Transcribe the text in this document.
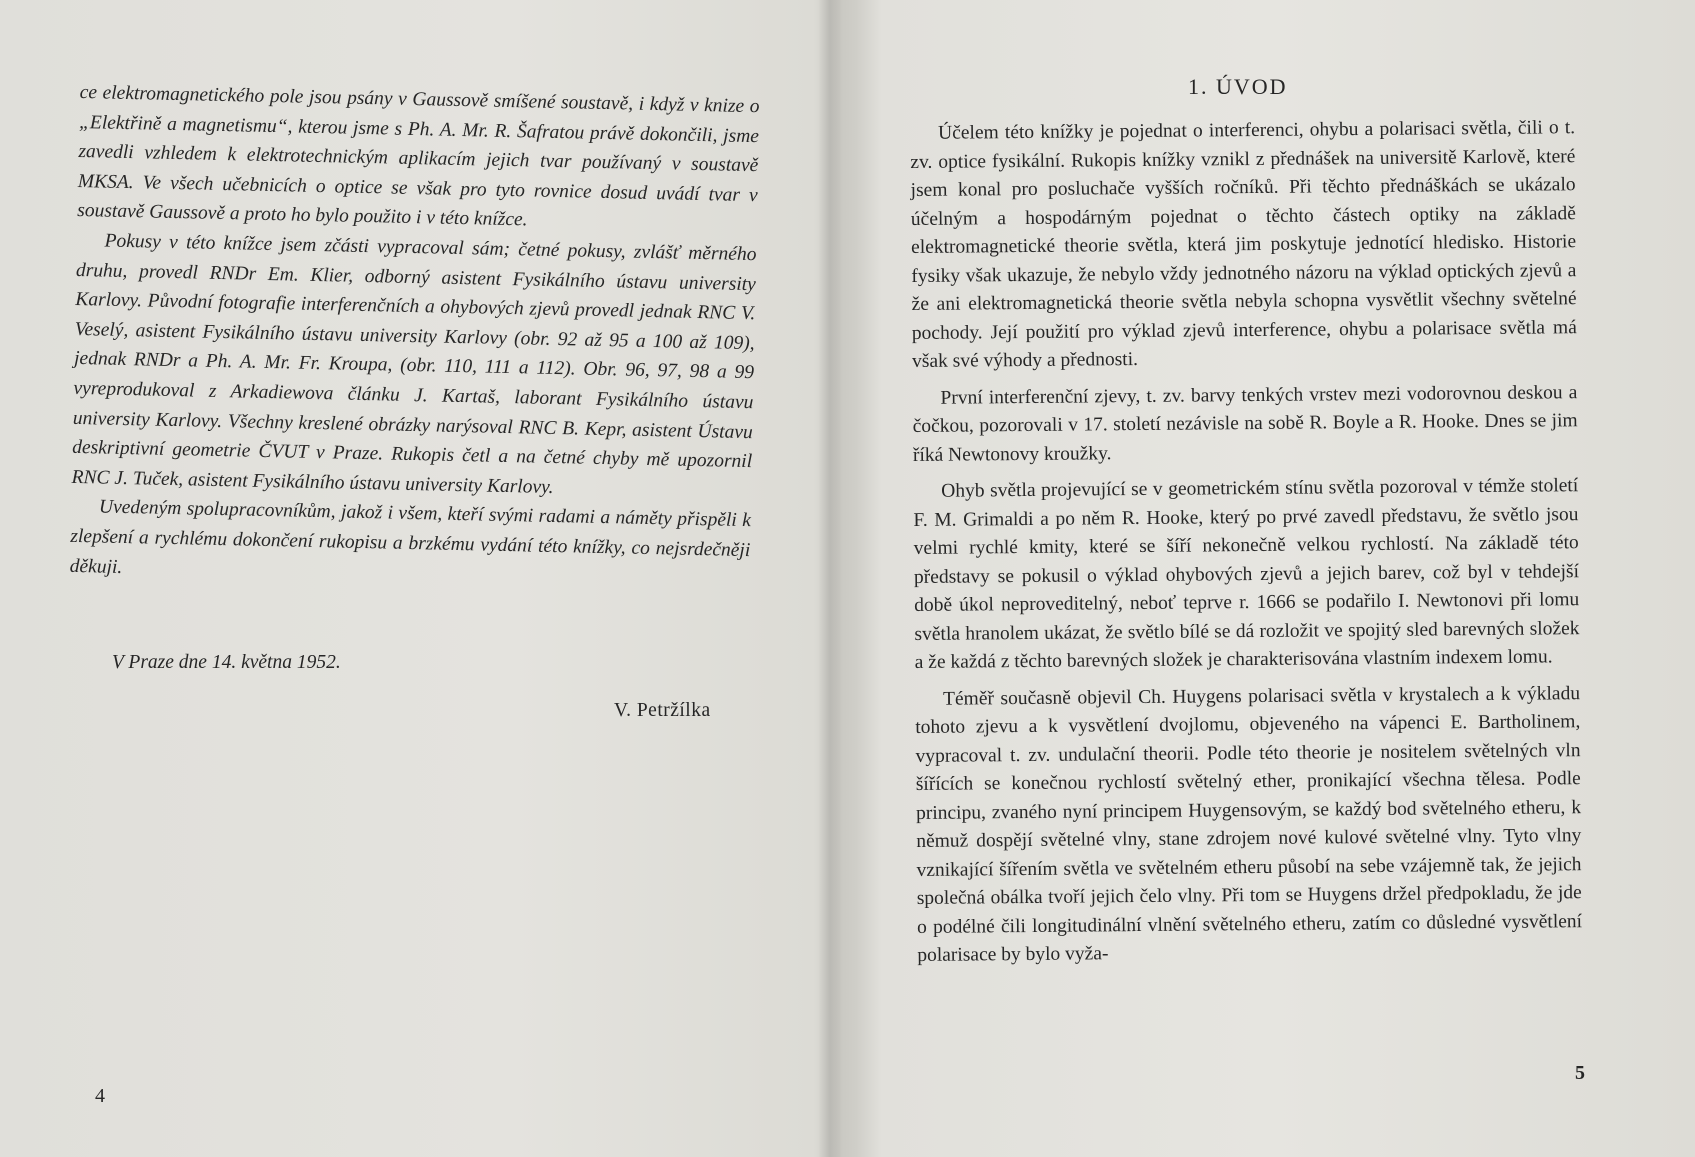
ce elektromagnetického pole jsou psány v Gaussově smíšené soustavě, i když v knize o „Elektřině a magnetismu“, kterou jsme s Ph. A. Mr. R. Šafratou právě dokončili, jsme zavedli vzhledem k elektrotechnickým aplikacím jejich tvar používaný v soustavě MKSA. Ve všech učebnicích o optice se však pro tyto rovnice dosud uvádí tvar v soustavě Gaussově a proto ho bylo použito i v této knížce.

Pokusy v této knížce jsem zčásti vypracoval sám; četné pokusy, zvlášť měrného druhu, provedl RNDr Em. Klier, odborný asistent Fysikálního ústavu university Karlovy. Původní fotografie interferenčních a ohybových zjevů provedl jednak RNC V. Veselý, asistent Fysikálního ústavu university Karlovy (obr. 92 až 95 a 100 až 109), jednak RNDr a Ph. A. Mr. Fr. Kroupa, (obr. 110, 111 a 112). Obr. 96, 97, 98 a 99 vyreprodukoval z Arkadiewova článku J. Kartaš, laborant Fysikálního ústavu university Karlovy. Všechny kreslené obrázky narýsoval RNC B. Kepr, asistent Ústavu deskriptivní geometrie ČVUT v Praze. Rukopis četl a na četné chyby mě upozornil RNC J. Tuček, asistent Fysikálního ústavu university Karlovy.

Uvedeným spolupracovníkům, jakož i všem, kteří svými radami a náměty přispěli k zlepšení a rychlému dokončení rukopisu a brzkému vydání této knížky, co nejsrdečněji děkuji.

V Praze dne 14. května 1952.
V. Petržílka
4
1. ÚVOD

Účelem této knížky je pojednat o interferenci, ohybu a polarisaci světla, čili o t. zv. optice fysikální. Rukopis knížky vznikl z přednášek na universitě Karlově, které jsem konal pro posluchače vyšších ročníků. Při těchto přednáškách se ukázalo účelným a hospodárným pojednat o těchto částech optiky na základě elektromagnetické theorie světla, která jim poskytuje jednotící hledisko. Historie fysiky však ukazuje, že nebylo vždy jednotného názoru na výklad optických zjevů a že ani elektromagnetická theorie světla nebyla schopna vysvětlit všechny světelné pochody. Její použití pro výklad zjevů interference, ohybu a polarisace světla má však své výhody a přednosti.

První interferenční zjevy, t. zv. barvy tenkých vrstev mezi vodorovnou deskou a čočkou, pozorovali v 17. století nezávisle na sobě R. Boyle a R. Hooke. Dnes se jim říká Newtonovy kroužky.

Ohyb světla projevující se v geometrickém stínu světla pozoroval v témže století F. M. Grimaldi a po něm R. Hooke, který po prvé zavedl představu, že světlo jsou velmi rychlé kmity, které se šíří nekonečně velkou rychlostí. Na základě této představy se pokusil o výklad ohybových zjevů a jejich barev, což byl v tehdejší době úkol neproveditelný, neboť teprve r. 1666 se podařilo I. Newtonovi při lomu světla hranolem ukázat, že světlo bílé se dá rozložit ve spojitý sled barevných složek a že každá z těchto barevných složek je charakterisována vlastním indexem lomu.

Téměř současně objevil Ch. Huygens polarisaci světla v krystalech a k výkladu tohoto zjevu a k vysvětlení dvojlomu, objeveného na vápenci E. Bartholinem, vypracoval t. zv. undulační theorii. Podle této theorie je nositelem světelných vln šířících se konečnou rychlostí světelný ether, pronikající všechna tělesa. Podle principu, zvaného nyní principem Huygensovým, se každý bod světelného etheru, k němuž dospějí světelné vlny, stane zdrojem nové kulové světelné vlny. Tyto vlny vznikající šířením světla ve světelném etheru působí na sebe vzájemně tak, že jejich společná obálka tvoří jejich čelo vlny. Při tom se Huygens držel předpokladu, že jde o podélné čili longitudinální vlnění světelného etheru, zatím co důsledné vysvětlení polarisace by bylo vyža-

5
